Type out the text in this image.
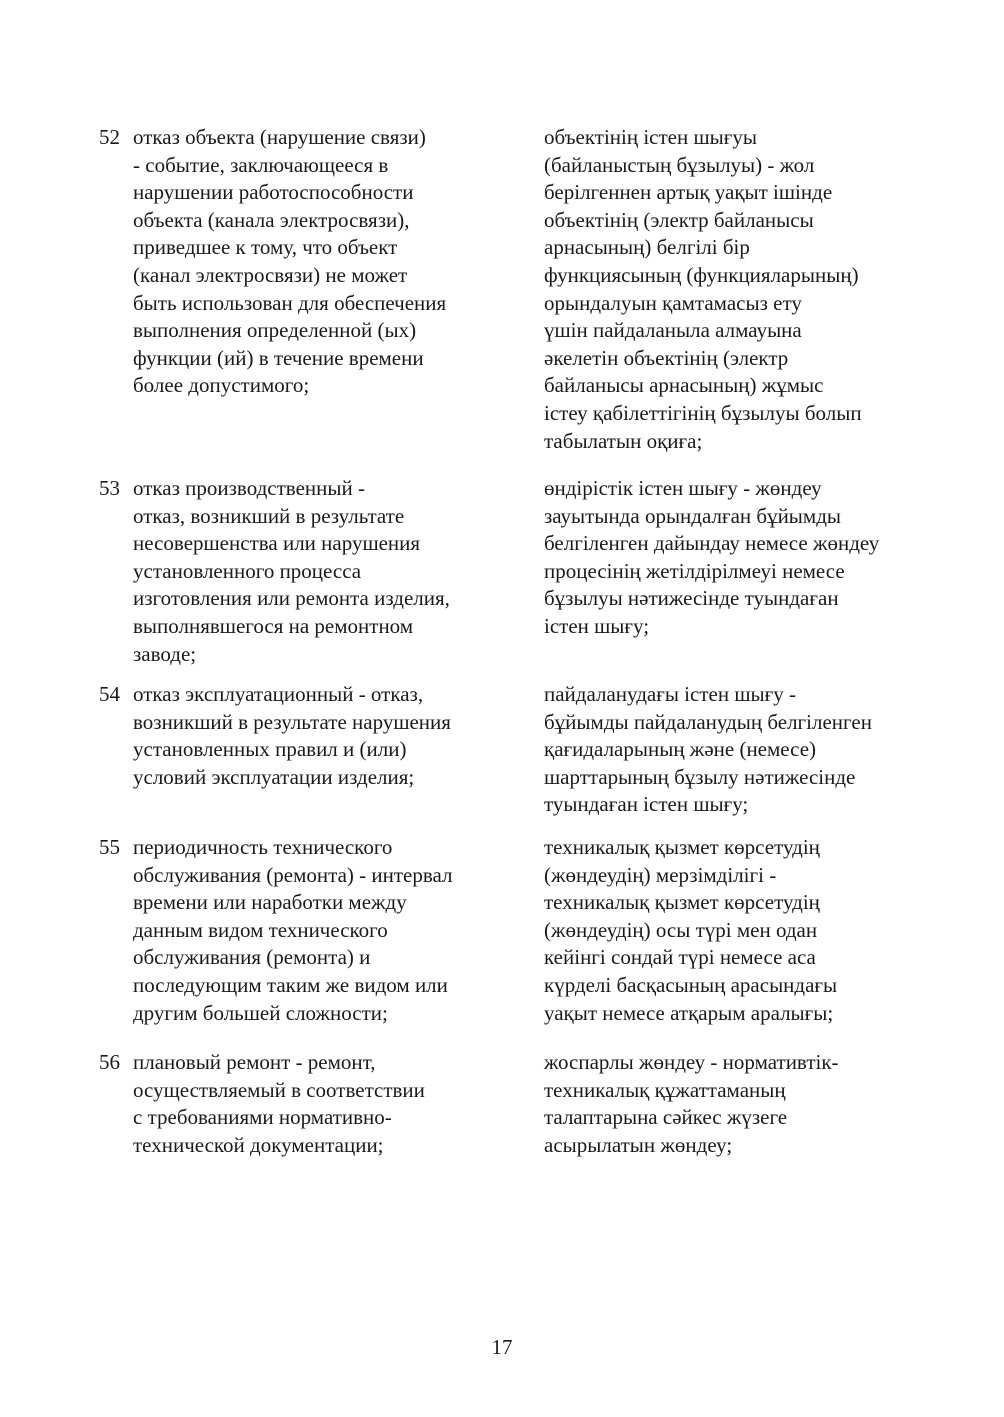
52 отказ объекта (нарушение связи)
- событие, заключающееся в
нарушении работоспособности
объекта (канала электросвязи),
приведшее к тому, что объект
(канал электросвязи) не может
быть использован для обеспечения
выполнения определенной (ых)
функции (ий) в течение времени
более допустимого;
объектінің істен шығуы
(байланыстың бұзылуы) - жол
берілгеннен артық уақыт ішінде
объектінің (электр байланысы
арнасының) белгілі бір
функциясының (функцияларының)
орындалуын қамтамасыз ету
үшін пайдаланыла алмауына
әкелетін объектінің (электр
байланысы арнасының) жұмыс
істеу қабілеттігінің бұзылуы болып
табылатын оқиға;
53 отказ производственный -
отказ, возникший в результате
несовершенства или нарушения
установленного процесса
изготовления или ремонта изделия,
выполнявшегося на ремонтном
заводе;
өндірістік істен шығу - жөндеу
зауытында орындалған бұйымды
белгіленген дайындау немесе жөндеу
процесінің жетілдірілмеуі немесе
бұзылуы нәтижесінде туындаған
істен шығу;
54 отказ эксплуатационный - отказ,
возникший в результате нарушения
установленных правил и (или)
условий эксплуатации изделия;
пайдаланудағы істен шығу -
бұйымды пайдаланудың белгіленген
қағидаларының және (немесе)
шарттарының бұзылу нәтижесінде
туындаған істен шығу;
55 периодичность технического
обслуживания (ремонта) - интервал
времени или наработки между
данным видом технического
обслуживания (ремонта) и
последующим таким же видом или
другим большей сложности;
техникалық қызмет көрсетудің
(жөндеудің) мерзімділігі -
техникалық қызмет көрсетудің
(жөндеудің) осы түрі мен одан
кейінгі сондай түрі немесе аса
күрделі басқасының арасындағы
уақыт немесе атқарым аралығы;
56 плановый ремонт - ремонт,
осуществляемый в соответствии
с требованиями нормативно-
технической документации;
жоспарлы жөндеу - нормативтік-
техникалық құжаттаманың
талаптарына сәйкес жүзеге
асырылатын жөндеу;
17
